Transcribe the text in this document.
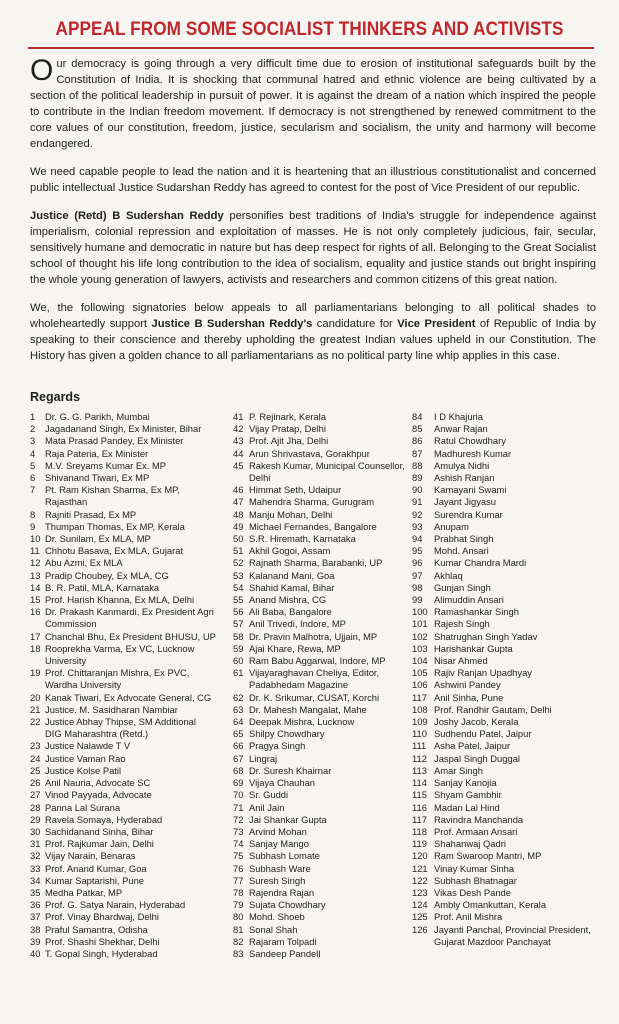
APPEAL FROM SOME SOCIALIST THINKERS AND ACTIVISTS

Our democracy is going through a very difficult time due to erosion of institutional safeguards built by the Constitution of India. It is shocking that communal hatred and ethnic violence are being cultivated by a section of the political leadership in pursuit of power. It is against the dream of a nation which inspired the people to contribute in the Indian freedom movement. If democracy is not strengthened by renewed commitment to the core values of our constitution, freedom, justice, secularism and socialism, the unity and harmony will become endangered.

We need capable people to lead the nation and it is heartening that an illustrious constitutionalist and concerned public intellectual Justice Sudarshan Reddy has agreed to contest for the post of Vice President of our republic.

Justice (Retd) B Sudershan Reddy personifies best traditions of India's struggle for independence against imperialism, colonial repression and exploitation of masses. He is not only completely judicious, fair, secular, sensitively humane and democratic in nature but has deep respect for rights of all. Belonging to the Great Socialist school of thought his life long contribution to the idea of socialism, equality and justice stands out bright inspiring the whole young generation of lawyers, activists and researchers and common citizens of this great nation.

We, the following signatories below appeals to all parliamentarians belonging to all political shades to wholeheartedly support Justice B Sudershan Reddy's candidature for Vice President of Republic of India by speaking to their conscience and thereby upholding the greatest Indian values upheld in our Constitution. The History has given a golden chance to all parliamentarians as no political party line whip applies in this case.

Regards
1	Dr. G. G. Parikh, Mumbai
2	Jagadanand Singh, Ex Minister, Bihar
3	Mata Prasad Pandey, Ex Minister
4	Raja Pateria, Ex Minister
5	M.V. Sreyams Kumar Ex. MP
6	Shivanand Tiwari, Ex MP
7	Pt. Ram Kishan Sharma, Ex MP,
Rajasthan
8	Rajniti Prasad, Ex MP
9	Thumpan Thomas, Ex MP, Kerala
10 Dr. Sunilam, Ex MLA, MP
11 Chhotu Basava, Ex MLA, Gujarat
12 Abu Azmi, Ex MLA
13 Pradip Choubey, Ex MLA, CG
14 B. R. Patil, MLA, Karnataka
15 Prof. Harish Khanna, Ex MLA, Delhi
16 Dr. Prakash Kanmardi, Ex President Agri
Commission
17 Chanchal Bhu, Ex President BHUSU, UP
18 Rooprekha Varma, Ex VC, Lucknow
University
19 Prof. Chittaranjan Mishra, Ex PVC,
Wardha University
20 Kanak Tiwari, Ex Advocate General, CG
21 Justice. M. Sasidharan Nambiar
22 Justice Abhay Thipse, SM Additional
DIG Maharashtra (Retd.)
23 Justice Nalawde T V
24 Justice Vaman Rao
25 Justice Kolse Patil
26 Anil Nauria, Advocate SC
27 Vinod Payyada, Advocate
28 Panna Lal Surana
29 Ravela Somaya, Hyderabad
30 Sachidanand Sinha, Bihar
31 Prof. Rajkumar Jain, Delhi
32 Vijay Narain, Benaras
33 Prof. Anand Kumar, Goa
34 Kumar Saptarishi, Pune
35 Medha Patkar, MP
36 Prof. G. Satya Narain, Hyderabad
37 Prof. Vinay Bhardwaj, Delhi
38 Praful Samantra, Odisha
39 Prof. Shashi Shekhar, Delhi
40 T. Gopal Singh, Hyderabad
41 P. Rejinark, Kerala
42 Vijay Pratap, Delhi
43 Prof. Ajit Jha, Delhi
44 Arun Shrivastava, Gorakhpur
45 Rakesh Kumar, Municipal Counsellor,
Delhi
46 Himmat Seth, Udaipur
47 Mahendra Sharma, Gurugram
48 Manju Mohan, Delhi
49 Michael Fernandes, Bangalore
50 S.R. Hiremath, Karnataka
51 Akhil Gogoi, Assam
52 Rajnath Sharma, Barabanki, UP
53 Kalanand Mani, Goa
54 Shahid Kamal, Bihar
55 Anand Mishra, CG
56 Ali Baba, Bangalore
57 Anil Trivedi, Indore, MP
58 Dr. Pravin Malhotra, Ujjain, MP
59 Ajai Khare, Rewa, MP
60 Ram Babu Aggarwal, Indore, MP
61 Vijayaraghavan Cheliya, Editor,
Padabhedam Magazine
62 Dr. K. Srikumar, CUSAT, Korchi
63 Dr. Mahesh Mangalat, Mahe
64 Deepak Mishra, Lucknow
65 Shilpy Chowdhary
66 Pragya Singh
67 Lingraj
68 Dr. Suresh Khairnar
69 Vijaya Chauhan
70 Sr. Guddi
71 Anil Jain
72 Jai Shankar Gupta
73 Arvind Mohan
74 Sanjay Mango
75 Subhash Lomate
76 Subhash Ware
77 Suresh Singh
78 Rajendra Rajan
79 Sujata Chowdhary
80 Mohd. Shoeb
81 Sonal Shah
82 Rajaram Tolpadi
83 Sandeep Pandell
84	I D Khajuria
85	Anwar Rajan
86	Ratul Chowdhary
87	Madhuresh Kumar
88	Amulya Nidhi
89	Ashish Ranjan
90	Kamayani Swami
91	Jayant Jigyasu
92	Surendra Kumar
93	Anupam
94	Prabhat Singh
95	Mohd. Ansari
96	Kumar Chandra Mardi
97	Akhlaq
98	Gunjan Singh
99	Alimuddin Ansari
100 Ramashankar Singh
101 Rajesh Singh
102 Shatrughan Singh Yadav
103 Harishankar Gupta
104 Nisar Ahmed
105 Rajiv Ranjan Upadhyay
106 Ashwini Pandey
117 Anil Sinha, Pune
108 Prof. Randhir Gautam, Delhi
109 Joshy Jacob, Kerala
110 Sudhendu Patel, Jaipur
111 Asha Patel, Jaipur
112 Jaspal Singh Duggal
113 Amar Singh
114 Sanjay Kanojia
115 Shyam Gambhir
116 Madan Lal Hind
117 Ravindra Manchanda
118 Prof. Armaan Ansari
119 Shahanwaj Qadri
120 Ram Swaroop Mantri, MP
121 Vinay Kumar Sinha
122 Subhash Bhatnagar
123 Vikas Desh Pande
124 Ambly Omankuttan, Kerala
125 Prof. Anil Mishra
126 Jayanti Panchal, Provincial President,
Gujarat Mazdoor Panchayat
